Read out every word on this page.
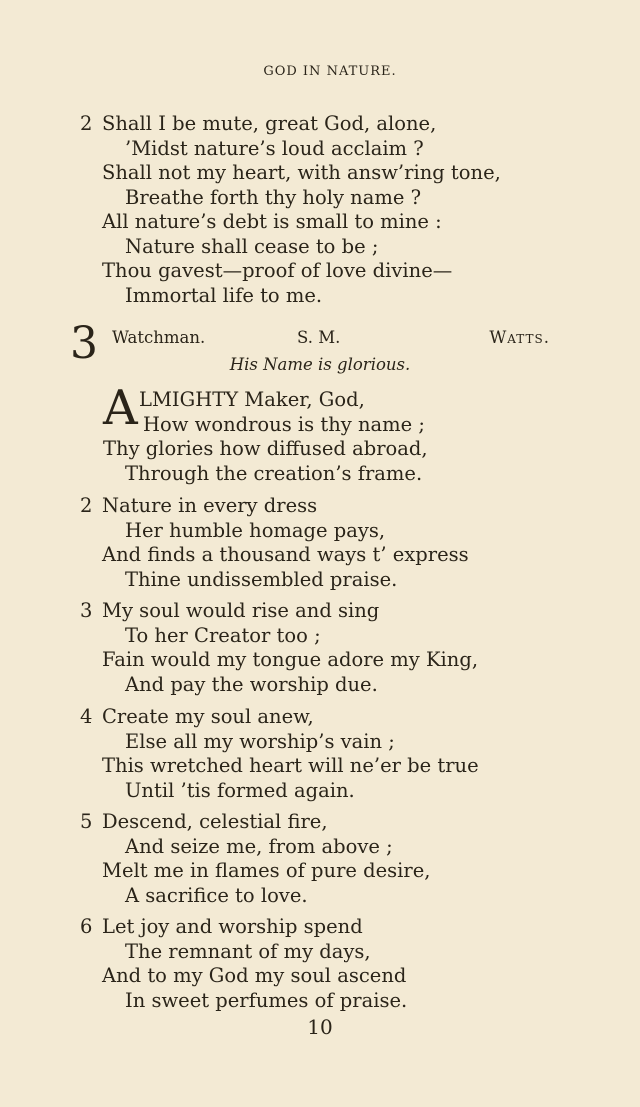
GOD IN NATURE.
2 Shall I be mute, great God, alone,
’Midst nature’s loud acclaim ?
Shall not my heart, with answ’ring tone,
Breathe forth thy holy name ?
All nature’s debt is small to mine :
Nature shall cease to be ;
Thou gavest—proof of love divine—
Immortal life to me.
3 Watchman.	S. M.	Watts.
His Name is glorious.
A LMIGHTY Maker, God,
How wondrous is thy name ;
Thy glories how diffused abroad,
Through the creation’s frame.
2 Nature in every dress
Her humble homage pays,
And finds a thousand ways t’ express
Thine undissembled praise.
3 My soul would rise and sing
To her Creator too ;
Fain would my tongue adore my King,
And pay the worship due.
4 Create my soul anew,
Else all my worship’s vain ;
This wretched heart will ne’er be true
Until ’tis formed again.
5 Descend, celestial fire,
And seize me, from above ;
Melt me in flames of pure desire,
A sacrifice to love.
6 Let joy and worship spend
The remnant of my days,
And to my God my soul ascend
In sweet perfumes of praise.
10
